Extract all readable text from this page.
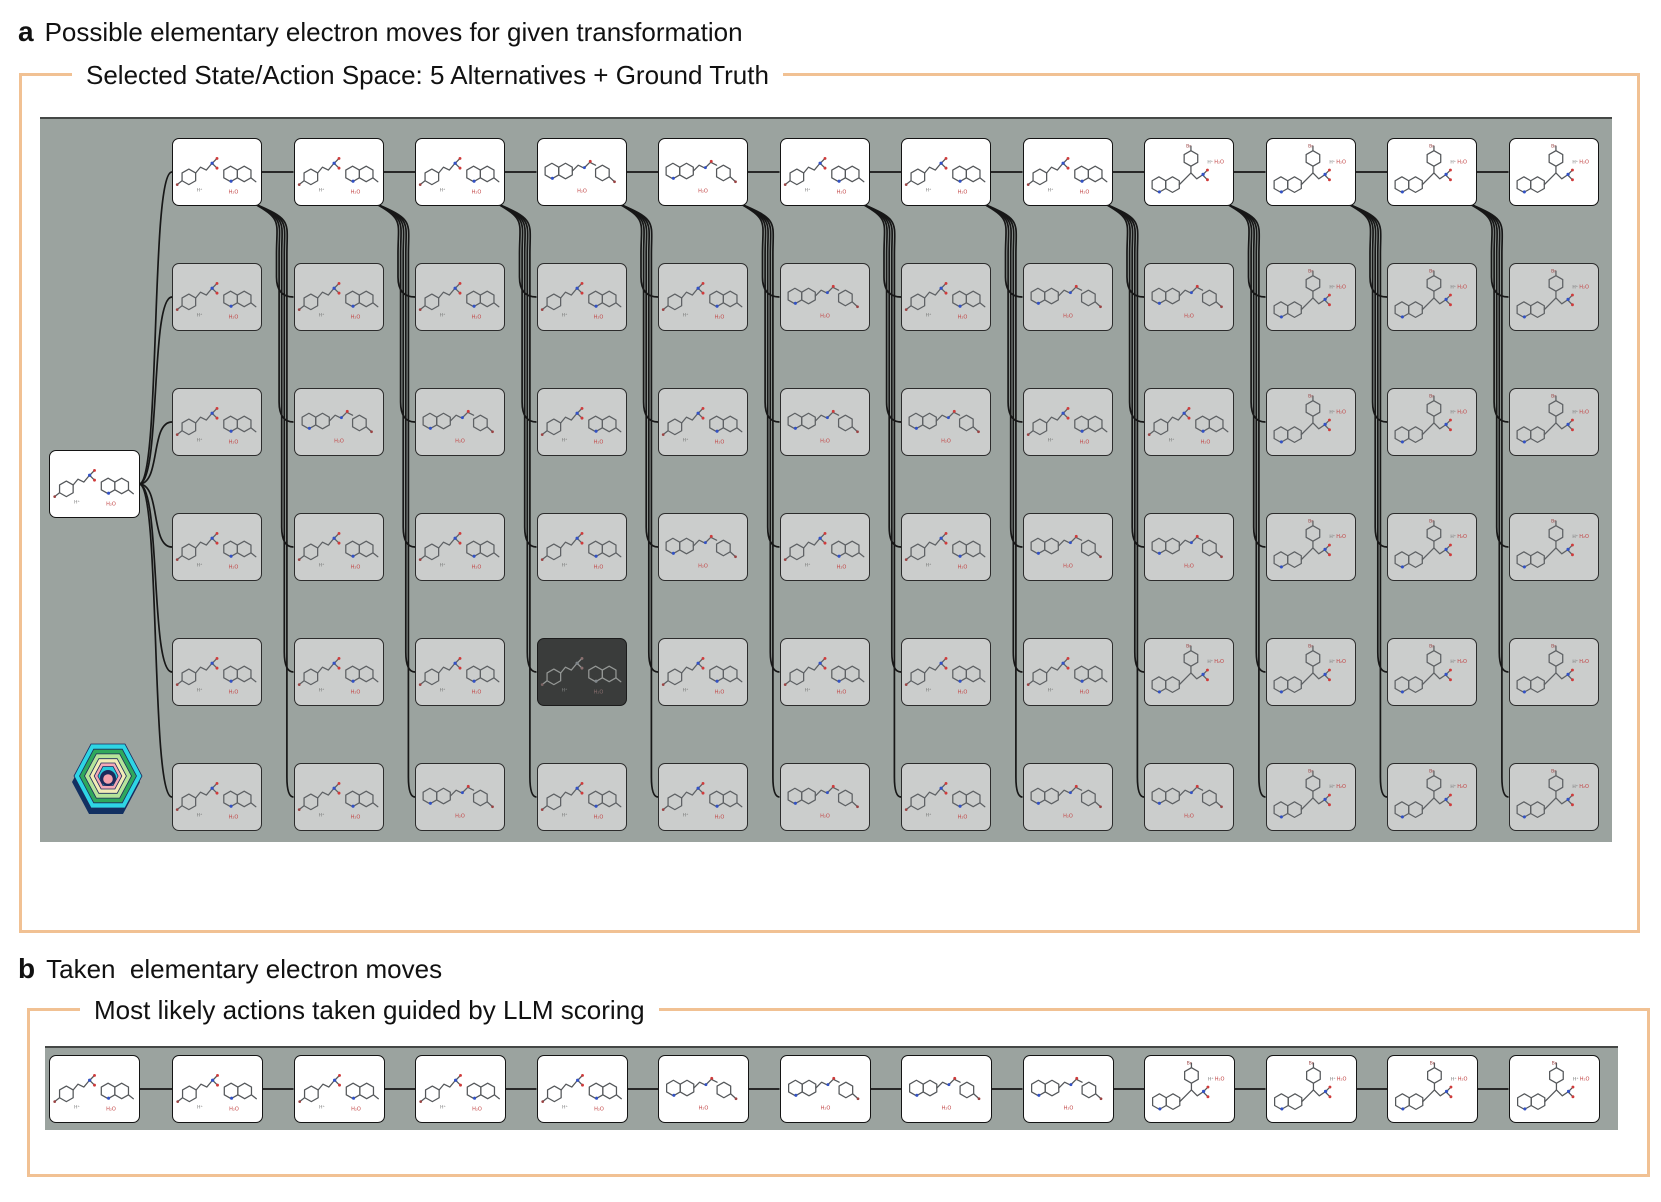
a Possible elementary electron moves for given transformation
Selected State/Action Space: 5 Alternatives + Ground Truth
b Taken  elementary electron moves
Most likely actions taken guided by LLM scoring
